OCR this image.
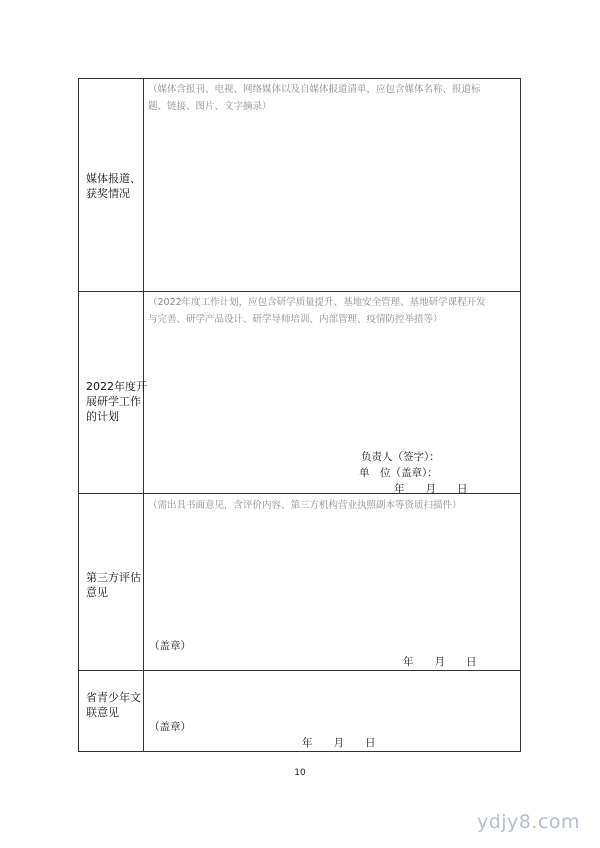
媒体报道、
获奖情况
（媒体含报刊、电视、网络媒体以及自媒体报道清单，应包含媒体名称、报道标
题、链接、图片、文字摘录）
2022年度开
展研学工作
的计划
（2022年度工作计划，应包含研学质量提升、基地安全管理、基地研学课程开发
与完善、研学产品设计、研学导师培训、内部管理、疫情防控举措等）
负责人（签字）：
单　位（盖章）：
年　　月　　日
第三方评估
意见
（需出具书面意见，含评价内容、第三方机构营业执照副本等资质扫描件）
（盖章）
年　　月　　日
省青少年文
联意见
（盖章）
年　　月　　日
10
ydjy8.com
